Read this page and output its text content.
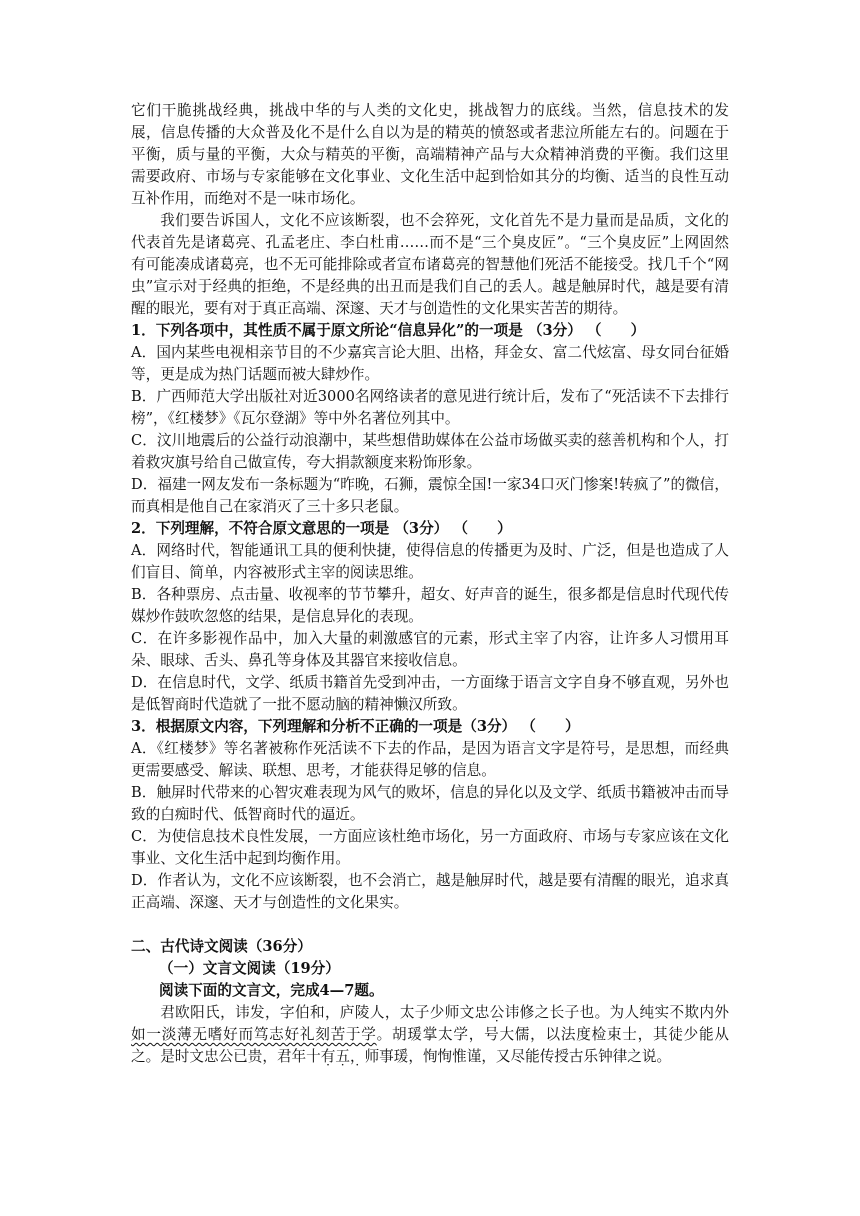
它们干脆挑战经典，挑战中华的与人类的文化史，挑战智力的底线。当然，信息技术的发展，信息传播的大众普及化不是什么自以为是的精英的愤怒或者悲泣所能左右的。问题在于平衡，质与量的平衡，大众与精英的平衡，高端精神产品与大众精神消费的平衡。我们这里需要政府、市场与专家能够在文化事业、文化生活中起到恰如其分的均衡、适当的良性互动互补作用，而绝对不是一味市场化。

我们要告诉国人，文化不应该断裂，也不会猝死，文化首先不是力量而是品质，文化的代表首先是诸葛亮、孔孟老庄、李白杜甫……而不是“三个臭皮匠”。“三个臭皮匠”上网固然有可能凑成诸葛亮，也不无可能排除或者宣布诸葛亮的智慧他们死活不能接受。找几千个“网虫”宣示对于经典的拒绝，不是经典的出丑而是我们自己的丢人。越是触屏时代，越是要有清醒的眼光，要有对于真正高端、深邃、天才与创造性的文化果实苦苦的期待。

1．下列各项中，其性质不属于原文所论“信息异化”的一项是 （3分） （　　）

A．国内某些电视相亲节目的不少嘉宾言论大胆、出格，拜金女、富二代炫富、母女同台征婚等，更是成为热门话题而被大肆炒作。

B．广西师范大学出版社对近3000名网络读者的意见进行统计后，发布了“死活读不下去排行榜”，《红楼梦》《瓦尔登湖》等中外名著位列其中。

C．汶川地震后的公益行动浪潮中，某些想借助媒体在公益市场做买卖的慈善机构和个人，打着救灾旗号给自己做宣传，夸大捐款额度来粉饰形象。

D．福建一网友发布一条标题为“昨晚，石狮，震惊全国!一家34口灭门惨案!转疯了”的微信，而真相是他自己在家消灭了三十多只老鼠。

2．下列理解，不符合原文意思的一项是 （3分） （　　）

A．网络时代，智能通讯工具的便利快捷，使得信息的传播更为及时、广泛，但是也造成了人们盲目、简单，内容被形式主宰的阅读思维。

B．各种票房、点击量、收视率的节节攀升，超女、好声音的诞生，很多都是信息时代现代传媒炒作鼓吹忽悠的结果，是信息异化的表现。

C．在许多影视作品中，加入大量的刺激感官的元素，形式主宰了内容，让许多人习惯用耳朵、眼球、舌头、鼻孔等身体及其器官来接收信息。

D．在信息时代，文学、纸质书籍首先受到冲击，一方面缘于语言文字自身不够直观，另外也是低智商时代造就了一批不愿动脑的精神懒汉所致。

3．根据原文内容，下列理解和分析不正确的一项是（3分） （　　）

A．《红楼梦》等名著被称作死活读不下去的作品，是因为语言文字是符号，是思想，而经典更需要感受、解读、联想、思考，才能获得足够的信息。

B．触屏时代带来的心智灾难表现为风气的败坏，信息的异化以及文学、纸质书籍被冲击而导致的白痴时代、低智商时代的逼近。

C．为使信息技术良性发展，一方面应该杜绝市场化，另一方面政府、市场与专家应该在文化事业、文化生活中起到均衡作用。

D．作者认为，文化不应该断裂，也不会消亡，越是触屏时代，越是要有清醒的眼光，追求真正高端、深邃、天才与创造性的文化果实。

二、古代诗文阅读（36分）

（一）文言文阅读（19分）

阅读下面的文言文，完成4—7题。

君欧阳氏，讳发，字伯和，庐陵人，太子少师文忠公讳修之长子也。为人纯实不欺内外如一淡薄无嗜好而笃志好礼刻苦于学。胡瑗掌太学，号大儒，以法度检束士，其徒少能从之。是时文忠公已贵，君年十有五，师事瑗，恂恂惟谨，又尽能传授古乐钟律之说。
